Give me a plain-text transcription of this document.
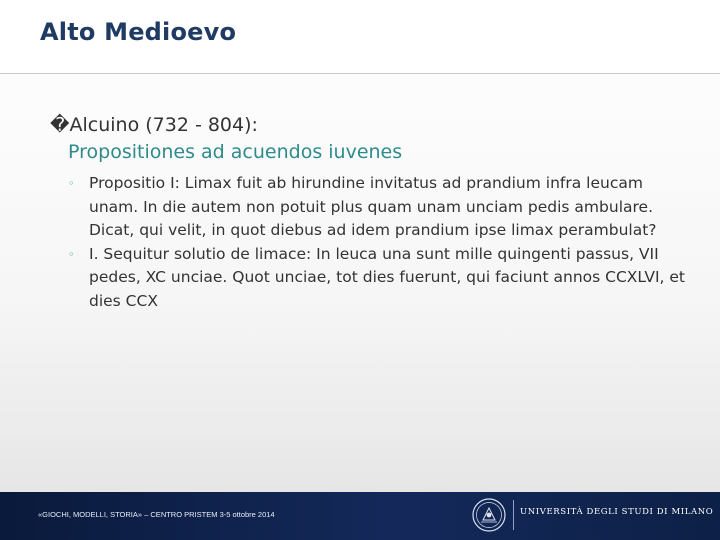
Alto Medioevo
�Alcuino (732 - 804):
Propositiones ad acuendos iuvenes
◦ Propositio I: Limax fuit ab hirundine invitatus ad prandium infra leucam unam. In die autem non potuit plus quam unam unciam pedis ambulare. Dicat, qui velit, in quot diebus ad idem prandium ipse limax perambulat?
◦ I. Sequitur solutio de limace: In leuca una sunt mille quingenti passus, VII pedes, XC unciae. Quot unciae, tot dies fuerunt, qui faciunt annos CCXLVI, et dies CCX
«GIOCHI, MODELLI, STORIA» – CENTRO PRISTEM 3-5 ottobre 2014	UNIVERSITÀ DEGLI STUDI DI MILANO
